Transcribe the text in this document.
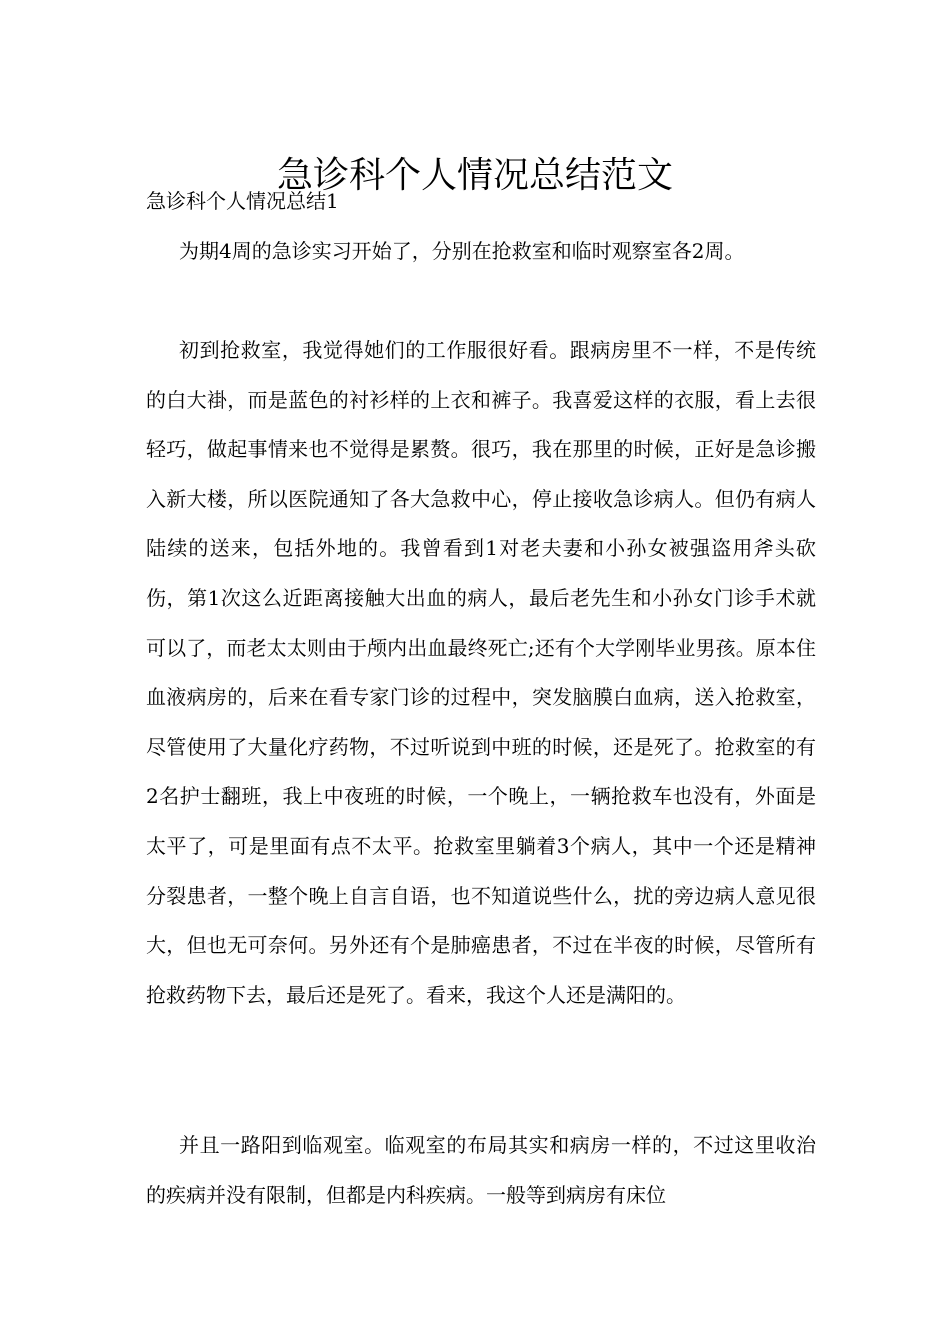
急诊科个人情况总结范文
急诊科个人情况总结1

为期4周的急诊实习开始了，分别在抢救室和临时观察室各2周。

初到抢救室，我觉得她们的工作服很好看。跟病房里不一样，不是传统的白大褂，而是蓝色的衬衫样的上衣和裤子。我喜爱这样的衣服，看上去很轻巧，做起事情来也不觉得是累赘。很巧，我在那里的时候，正好是急诊搬入新大楼，所以医院通知了各大急救中心，停止接收急诊病人。但仍有病人陆续的送来，包括外地的。我曾看到1对老夫妻和小孙女被强盗用斧头砍伤，第1次这么近距离接触大出血的病人，最后老先生和小孙女门诊手术就可以了，而老太太则由于颅内出血最终死亡;还有个大学刚毕业男孩。原本住血液病房的，后来在看专家门诊的过程中，突发脑膜白血病，送入抢救室，尽管使用了大量化疗药物，不过听说到中班的时候，还是死了。抢救室的有2名护士翻班，我上中夜班的时候，一个晚上，一辆抢救车也没有，外面是太平了，可是里面有点不太平。抢救室里躺着3个病人，其中一个还是精神分裂患者，一整个晚上自言自语，也不知道说些什么，扰的旁边病人意见很大，但也无可奈何。另外还有个是肺癌患者，不过在半夜的时候，尽管所有抢救药物下去，最后还是死了。看来，我这个人还是满阳的。

并且一路阳到临观室。临观室的布局其实和病房一样的，不过这里收治的疾病并没有限制，但都是内科疾病。一般等到病房有床位
